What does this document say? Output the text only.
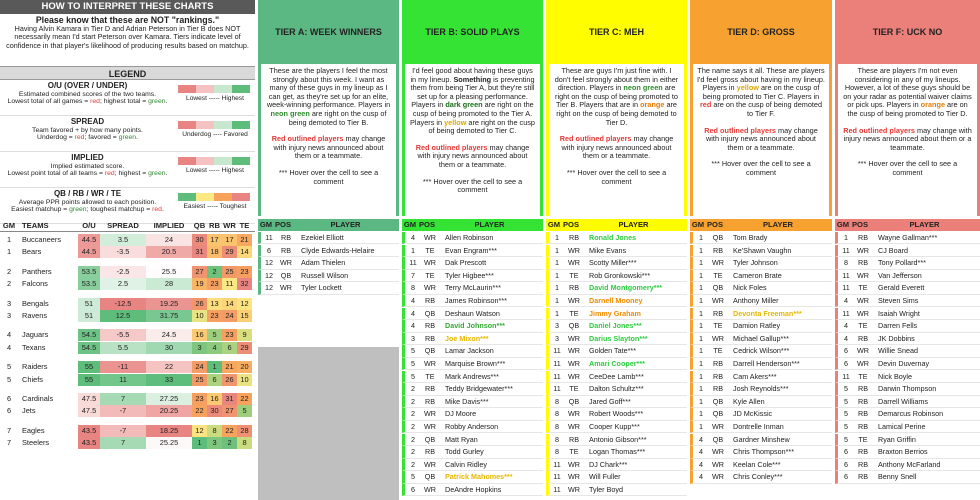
HOW TO INTERPRET THESE CHARTS
Please know that these are NOT "rankings."
Having Alvin Kamara in Tier D and Adrian Peterson in Tier B does NOT necessarily mean I'd start Peterson over Kamara. Tiers indicate level of confidence in that player's likelihood of producing results based on matchup.
LEGEND
O/U (OVER / UNDER)
Estimated combined scores of the two teams.
Lowest total of all games = red; highest total = green.	Lowest ----- Highest
SPREAD
Team favored + by how many points.
Underdog = red; favored = green.	Underdog ---- Favored
IMPLIED
Implied estimated score.
Lowest point total of all teams = red; highest = green.	Lowest ----- Highest
QB / RB / WR / TE
Average PPR points allowed to each position.
Easiest matchup = green; toughest matchup = red.	Easiest ----- Toughest
GM TEAMS	O/U	SPREAD	IMPLIED	QB RB WR TE
1	Buccaneers	44.5	3.5	24	30 17 17 21
1	Bears	44.5	-3.5	20.5	31 18 29 14
2	Panthers	53.5	-2.5	25.5	27	2	25 23
2	Falcons	53.5	2.5	28	19 23 11 32
3	Bengals	51	-12.5	19.25	26 13 14 12
3	Ravens	51	12.5	31.75	10 23 24 15
4	Jaguars	54.5	-5.5	24.5	16	5	23	9
4	Texans	54.5	5.5	30	3	4	6	29
5	Raiders	55	-11	22	24	1	21 20
5	Chiefs	55	11	33	25	6	26 10
6	Cardinals	47.5	7	27.25	23 16 31 22
6	Jets	47.5	-7	20.25	22 30 27	5
7	Eagles	43.5	-7	18.25	12	8	22 28
7	Steelers	43.5	7	25.25	1	3	2	8
TIER A: WEEK WINNERS
These are the players I feel the most strongly about this week. I want as many of these guys in my lineup as I can get, as they're set up for an elite, week-winning performance. Players in neon green are right on the cusp of being demoted to Tier B.
Red outlined players may change with injury news announced about them or a teammate.
*** Hover over the cell to see a comment
GM POS	PLAYER
11	RB	Ezekiel Elliott
6	RB	Clyde Edwards-Helaire
12 WR	Adam Thielen
12	QB	Russell Wilson
12 WR	Tyler Lockett
TIER B: SOLID PLAYS
I'd feel good about having these guys in my lineup. Something is preventing them from being Tier A, but they're still set up for a pleasing performance. Players in dark green are right on the cusp of being promoted to the Tier A. Players in yellow are right on the cusp of being demoted to Tier C.
Red outlined players may change with injury news announced about them or a teammate.
*** Hover over the cell to see a comment
GM POS	PLAYER
4	WR	Allen Robinson
1	TE	Evan Engram***
11	WR	Dak Prescott
7	TE	Tyler Higbee***
8	WR	Terry McLaurin***
4	RB	James Robinson***
4	QB	Deshaun Watson
4	RB	David Johnson***
3	RB	Joe Mixon***
5	QB	Lamar Jackson
5	WR	Marquise Brown***
5	TE	Mark Andrews***
2	RB	Teddy Bridgewater***
2	RB	Mike Davis***
2	WR	DJ Moore
2	WR	Robby Anderson
2	QB	Matt Ryan
2	RB	Todd Gurley
2	WR	Calvin Ridley
5	QB	Patrick Mahomes***
6	WR	DeAndre Hopkins
TIER C: MEH
These are guys I'm just fine with. I don't feel strongly about them in either direction. Players in neon green are right on the cusp of being promoted to Tier B. Players that are in orange are right on the cusp of being demoted to Tier D.
Red outlined players may change with injury news announced about them or a teammate.
*** Hover over the cell to see a comment
GM POS	PLAYER
1	RB	Ronald Jones
1	WR	Mike Evans
1	WR	Scotty Miller***
1	TE	Rob Gronkowski***
1	RB	David Montgomery***
1	WR	Darnell Mooney
1	TE	Jimmy Graham
3	QB	Daniel Jones***
3	WR	Darius Slayton***
11	WR	Golden Tate***
11	WR	Amari Cooper***
11	WR	CeeDee Lamb***
11	TE	Dalton Schultz***
8	QB	Jared Goff***
8	WR	Robert Woods***
8	WR	Cooper Kupp***
8	RB	Antonio Gibson***
8	TE	Logan Thomas***
11	WR	DJ Chark***
11	WR	Will Fuller
11	WR	Tyler Boyd
TIER D: GROSS
The name says it all. These are players I'd feel gross about having in my lineup. Players in yellow are on the cusp of being promoted to Tier C. Players in red are on the cusp of being demoted to Tier F.
Red outlined players may change with injury news announced about them or a teammate.
*** Hover over the cell to see a comment
GM POS	PLAYER
1	QB	Tom Brady
1	RB	Ke'Shawn Vaughn
1	WR	Tyler Johnson
1	TE	Cameron Brate
1	QB	Nick Foles
1	WR	Anthony Miller
1	RB	Devonta Freeman***
1	TE	Damion Ratley
1	WR	Michael Gallup***
1	TE	Cedrick Wilson***
1	RB	Darrell Henderson***
1	RB	Cam Akers***
1	RB	Josh Reynolds***
1	QB	Kyle Allen
1	QB	JD McKissic
1	WR	Dontrelle Inman
4	QB	Gardner Minshew
4	WR	Chris Thompson***
4	WR	Keelan Cole***
4	WR	Chris Conley***
TIER F: UCK NO
These are players I'm not even considering in any of my lineups. However, a lot of these guys should be on your radar as potential waiver claims or pick ups. Players in orange are on the cusp of being promoted to Tier D.
Red outlined players may change with injury news announced about them or a teammate.
*** Hover over the cell to see a comment
GM POS	PLAYER
1	RB	Wayne Gallman***
11	WR	CJ Board
8	RB	Tony Pollard***
11	WR	Van Jefferson
11	TE	Gerald Everett
4	WR	Steven Sims
11	WR	Isaiah Wright
4	TE	Darren Fells
4	RB	JK Dobbins
6	WR	Willie Snead
6	WR	Devin Duvernay
11	TE	Nick Boyle
5	RB	Darwin Thompson
5	RB	Darrell Williams
5	RB	Demarcus Robinson
5	RB	Lamical Perine
5	TE	Ryan Griffin
6	RB	Braxton Berrios
6	RB	Anthony McFarland
6	RB	Benny Snell
